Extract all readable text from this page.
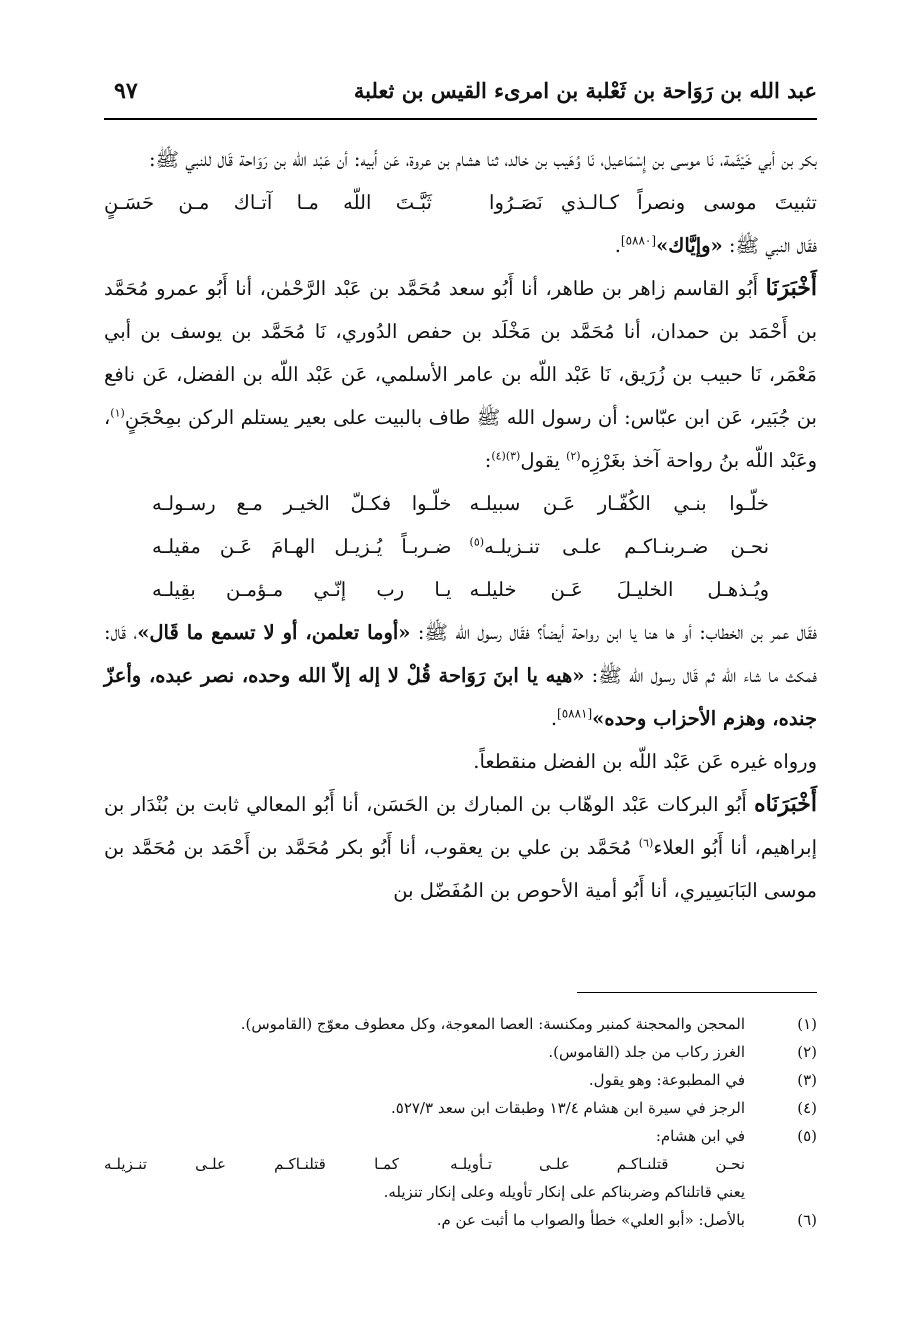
عبد الله بن رَوَاحة بن ثَعْلبة بن امرىء القيس بن ثعلبة
٩٧

بكر بن أبي خَيْثَمة، نَا موسى بن إِسْمَاعيل، نَا وُهَيب بن خالد، ثنا هشام بن عروة، عَن أَبيه: أن عَبْد اللّه بن رَوَاحة قَال للنبي ﷺ:

تثبيتَ موسى ونصراً كـالـذي نَصَـرُوا
ثَبَّـتَ اللّه مـا آتـاك مـن حَسَـنٍ

فقَال النبي ﷺ: «وإيَّاك»[٥٨٨٠].

أَخْبَرَنَا أَبُو القاسم زاهر بن طاهر، أنا أَبُو سعد مُحَمَّد بن عَبْد الرَّحْمٰن، أنا أَبُو عمرو مُحَمَّد بن أَحْمَد بن حمدان، أنا مُحَمَّد بن مَخْلَد بن حفص الدُوري، نَا مُحَمَّد بن يوسف بن أبي مَعْمَر، نَا حبيب بن زُرَيق، نَا عَبْد اللّه بن عامر الأسلمي، عَن عَبْد اللّه بن الفضل، عَن نافع بن جُبَير، عَن ابن عبّاس: أن رسول الله ﷺ طاف بالبيت على بعير يستلم الركن بمِحْجَنٍ$^{(١)}$، وعَبْد اللّه بنُ رواحة آخذ بغَرْزِه$^{(٢)}$ يقول$^{(٣)(٤)}$:

خلّـوا بنـي الكُفّـار عَـن سبيلـه
خلّـوا فكـلّ الخيـر مـع رسـولـه
نحـن ضـربنـاكـم علـى تنـزيلـه$^{(٥)}$
ضـربـاً يُـزيـل الهـامَ عَـن مقيلـه
ويُـذهـل الخليـلَ عَـن خليلـه
يـا رب إنّـي مـؤمـن بقِيلـه

فقَال عمر بن الخطاب: أو ها هنا يا ابن رواحة أيضاً؟ فقَال رسول الله ﷺ: «أوما تعلمن، أو لا تسمع ما قَال»، قَال: فمكث ما شاء الله ثم قَال رسول الله ﷺ: «هيه يا ابنَ رَوَاحة قُلْ لا إله إلاّ الله وحده، نصر عبده، وأعزّ جنده، وهزم الأحزاب وحده»[٥٨٨١].

ورواه غيره عَن عَبْد اللّه بن الفضل منقطعاً.

أَخْبَرَنَاه أَبُو البركات عَبْد الوهّاب بن المبارك بن الحَسَن، أنا أَبُو المعالي ثابت بن بُنْدَار بن إبراهيم، أنا أَبُو العلاء$^{(٦)}$ مُحَمَّد بن علي بن يعقوب، أنا أَبُو بكر مُحَمَّد بن أَحْمَد بن مُحَمَّد بن موسى البَابَسِيري، أنا أَبُو أمية الأحوص بن المُفَضّل بن

(١)
المحجن والمحجنة كمنبر ومكنسة: العصا المعوجة، وكل معطوف معوّج (القاموس).
(٢)
الغرز ركاب من جلد (القاموس).
(٣)
في المطبوعة: وهو يقول.
(٤)
الرجز في سيرة ابن هشام ١٣/٤ وطبقات ابن سعد ٥٢٧/٣.
(٥)
في ابن هشام:
نحـن قتلنـاكـم علـى تـأويلـه
كمـا قتلنـاكـم علـى تنـزيلـه
يعني قاتلناكم وضربناكم على إنكار تأويله وعلى إنكار تنزيله.
(٦)
بالأصل: «أبو العلي» خطأ والصواب ما أثبت عن م.
